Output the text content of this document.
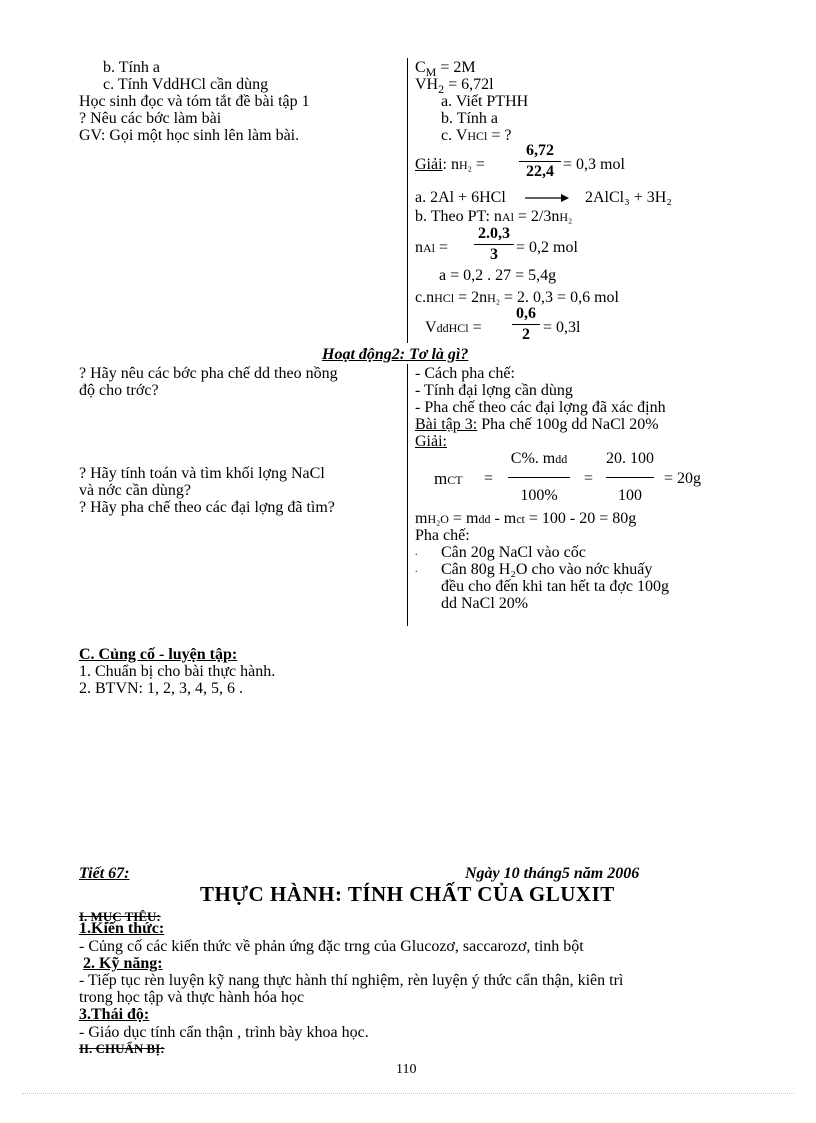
b. Tính a
c. Tính VddHCl cần dùng
Học sinh đọc và tóm tắt đề bài tập 1
? Nêu các bớc làm bài
GV: Gọi một học sinh lên làm bài.
$C_M = 2M$
$VH_2 = 6,72l$
a. Viết PTHH
b. Tính a
c. VHCl = ?
Giải: nH₂ =
6,72
22,4 = 0,3 mol
a. 2Al + 6HCl → 2AlCl₃ + 3H₂
b. Theo PT: nAl = 2/3nH₂
nAl =
2.0,3
3	= 0,2 mol
a = 0,2 . 27 = 5,4g
c.nHCl = 2nH₂ = 2. 0,3 = 0,6 mol
VddHCl =
0,6
2 = 0,3l
Hoạt động2: Tơ là gì?
? Hãy nêu các bớc pha chế dd theo nồng
độ cho trớc?
? Hãy tính toán và tìm khối lợng NaCl
và nớc cần dùng?
? Hãy pha chế theo các đại lợng đã tìm?
- Cách pha chế:
- Tính đại lợng cần dùng
- Pha chế theo các đại lợng đã xác định
Bài tập 3: Pha chế 100g dd NaCl 20%
Giải:
mCT =
C%. mdd
100%
=
20. 100
100
= 20g
mH₂O = mdd - mct = 100 - 20 = 80g
Pha chế:
. Cân 20g NaCl vào cốc
. Cân 80g H₂O cho vào nớc khuấy
đều cho đến khi tan hết ta đợc 100g
dd NaCl 20%
C. Củng cố - luyện tập:
1. Chuẩn bị cho bài thực hành.
2. BTVN: 1, 2, 3, 4, 5, 6 .
Tiết 67:	Ngày 10 tháng5 năm 2006
THỰC HÀNH: TÍNH CHẤT CỦA GLUXIT
I. MỤC TIÊU:
1.Kiến thức:
- Củng cố các kiến thức về phản ứng đặc trng của Glucozơ, saccarozơ, tinh bột
2. Kỹ năng:
- Tiếp tục rèn luyện kỹ nang thực hành thí nghiệm, rèn luyện ý thức cẩn thận, kiên trì
trong học tập và thực hành hóa học
3.Thái độ:
- Giáo dục tính cẩn thận , trình bày khoa học.
II. CHUẨN BỊ:
110
